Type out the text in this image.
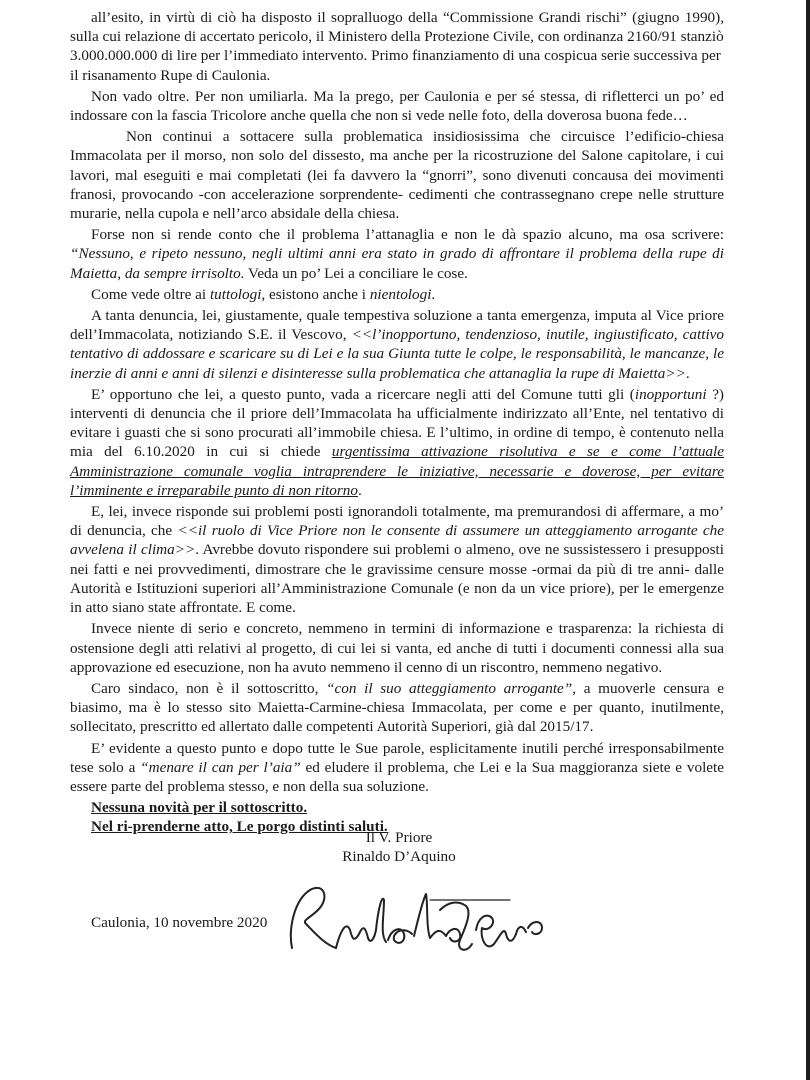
all’esito, in virtù di ciò ha disposto il sopralluogo della “Commissione Grandi rischi” (giugno 1990), sulla cui relazione di accertato pericolo, il Ministero della Protezione Civile, con ordinanza 2160/91 stanziò

3.000.000.000 di lire per l’immediato intervento. Primo finanziamento di una cospicua serie successiva per il risanamento Rupe di Caulonia.

Non vado oltre. Per non umiliarla. Ma la prego, per Caulonia e per sé stessa, di rifletterci un po’ ed indossare con la fascia Tricolore anche quella che non si vede nelle foto, della doverosa buona fede…

Non continui a sottacere sulla problematica insidiosissima che circuisce l’edificio-chiesa Immacolata per il morso, non solo del dissesto, ma anche per la ricostruzione del Salone capitolare, i cui lavori, mal eseguiti e mai completati (lei fa davvero la “gnorri”, sono divenuti concausa dei movimenti franosi, provocando -con accelerazione sorprendente- cedimenti che contrassegnano crepe nelle strutture murarie, nella cupola e nell’arco absidale della chiesa.

Forse non si rende conto che il problema l’attanaglia e non le dà spazio alcuno, ma osa scrivere: “Nessuno, e ripeto nessuno, negli ultimi anni era stato in grado di affrontare il problema della rupe di Maietta, da sempre irrisolto. Veda un po’ Lei a conciliare le cose.

Come vede oltre ai tuttologi, esistono anche i nientologi.

A tanta denuncia, lei, giustamente, quale tempestiva soluzione a tanta emergenza, imputa al Vice priore dell’Immacolata, notiziando S.E. il Vescovo, <<l’inopportuno, tendenzioso, inutile, ingiustificato, cattivo tentativo di addossare e scaricare su di Lei e la sua Giunta tutte le colpe, le responsabilità, le mancanze, le inerzie di anni e anni di silenzi e disinteresse sulla problematica che attanaglia la rupe di Maietta>>.

E’ opportuno che lei, a questo punto, vada a ricercare negli atti del Comune tutti gli (inopportuni ?) interventi di denuncia che il priore dell’Immacolata ha ufficialmente indirizzato all’Ente, nel tentativo di evitare i guasti che si sono procurati all’immobile chiesa. E l’ultimo, in ordine di tempo, è contenuto nella mia del 6.10.2020 in cui si chiede urgentissima attivazione risolutiva e se e come l’attuale Amministrazione comunale voglia intraprendere le iniziative, necessarie e doverose, per evitare l’imminente e irreparabile punto di non ritorno.

E, lei, invece risponde sui problemi posti ignorandoli totalmente, ma premurandosi di affermare, a mo’ di denuncia, che <<il ruolo di Vice Priore non le consente di assumere un atteggiamento arrogante che avvelena il clima>>. Avrebbe dovuto rispondere sui problemi o almeno, ove ne sussistessero i presupposti nei fatti e nei provvedimenti, dimostrare che le gravissime censure mosse -ormai da più di tre anni- dalle Autorità e Istituzioni superiori all’Amministrazione Comunale (e non da un vice priore), per le emergenze in atto siano state affrontate. E come.

Invece niente di serio e concreto, nemmeno in termini di informazione e trasparenza: la richiesta di ostensione degli atti relativi al progetto, di cui lei si vanta, ed anche di tutti i documenti connessi alla sua approvazione ed esecuzione, non ha avuto nemmeno il cenno di un riscontro, nemmeno negativo.

Caro sindaco, non è il sottoscritto, “con il suo atteggiamento arrogante”, a muoverle censura e biasimo, ma è lo stesso sito Maietta-Carmine-chiesa Immacolata, per come e per quanto, inutilmente, sollecitato, prescritto ed allertato dalle competenti Autorità Superiori, già dal 2015/17.

E’ evidente a questo punto e dopo tutte le Sue parole, esplicitamente inutili perché irresponsabilmente tese solo a “menare il can per l’aia” ed eludere il problema, che Lei e la Sua maggioranza siete e volete essere parte del problema stesso, e non della sua soluzione.

Nessuna novità per il sottoscritto.

Nel ri-prenderne atto, Le porgo distinti saluti.

Caulonia, 10 novembre 2020
Il V. Priore
Rinaldo D’Aquino
